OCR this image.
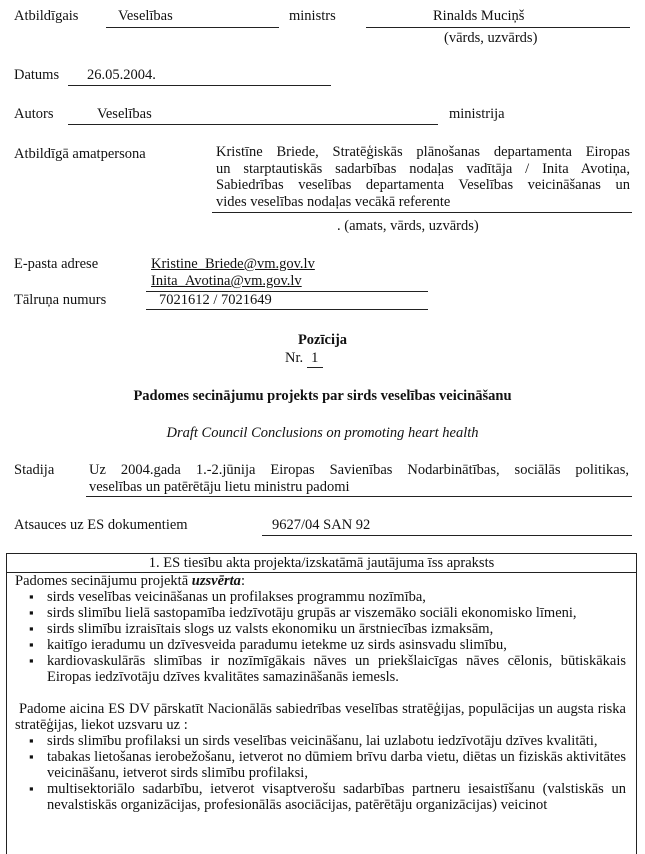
Atbildīgais	Veselības	ministrs	Rinalds Muciņš
(vārds, uzvārds)
Datums 26.05.2004.
Autors	Veselības	ministrija
Atbildīgā amatpersona	Kristīne Briede, Stratēģiskās plānošanas departamenta Eiropas
un starptautiskās sadarbības nodaļas vadītāja / Inita Avotiņa,
Sabiedrības veselības departamenta Veselības veicināšanas un
vides veselības nodaļas vecākā referente
. (amats, vārds, uzvārds)
E-pasta adrese	Kristine_Briede@vm.gov.lv
Inita_Avotina@vm.gov.lv
Tālruņa numurs	7021612 / 7021649
Pozīcija
Nr. 1
Padomes secinājumu projekts par sirds veselības veicināšanu
Draft Council Conclusions on promoting heart health
Stadija Uz 2004.gada 1.-2.jūnija Eiropas Savienības Nodarbinātības, sociālās politikas,
veselības un patērētāju lietu ministru padomi
Atsauces uz ES dokumentiem	9627/04 SAN 92
1. ES tiesību akta projekta/izskatāmā jautājuma īss apraksts
Padomes secinājumu projektā uzsvērta:
▪ sirds veselības veicināšanas un profilakses programmu nozīmība,
▪ sirds slimību lielā sastopamība iedzīvotāju grupās ar viszemāko sociāli ekonomisko līmeni,
▪ sirds slimību izraisītais slogs uz valsts ekonomiku un ārstniecības izmaksām,
▪ kaitīgo ieradumu un dzīvesveida paradumu ietekme uz sirds asinsvadu slimību,
▪ kardiovaskulārās slimības ir nozīmīgākais nāves un priekšlaicīgas nāves cēlonis, būtiskākais Eiropas iedzīvotāju dzīves kvalitātes samazināšanās iemesls.
Padome aicina ES DV pārskatīt Nacionālās sabiedrības veselības stratēģijas, populācijas un augsta riska stratēģijas, liekot uzsvaru uz :
▪ sirds slimību profilaksi un sirds veselības veicināšanu, lai uzlabotu iedzīvotāju dzīves kvalitāti,
▪ tabakas lietošanas ierobežošanu, ietverot no dūmiem brīvu darba vietu, diētas un fiziskās aktivitātes veicināšanu, ietverot sirds slimību profilaksi,
▪ multisektoriālo sadarbību, ietverot visaptverošu sadarbības partneru iesaistīšanu (valstiskās un nevalstiskās organizācijas, profesionālās asociācijas, patērētāju organizācijas) veicinot
